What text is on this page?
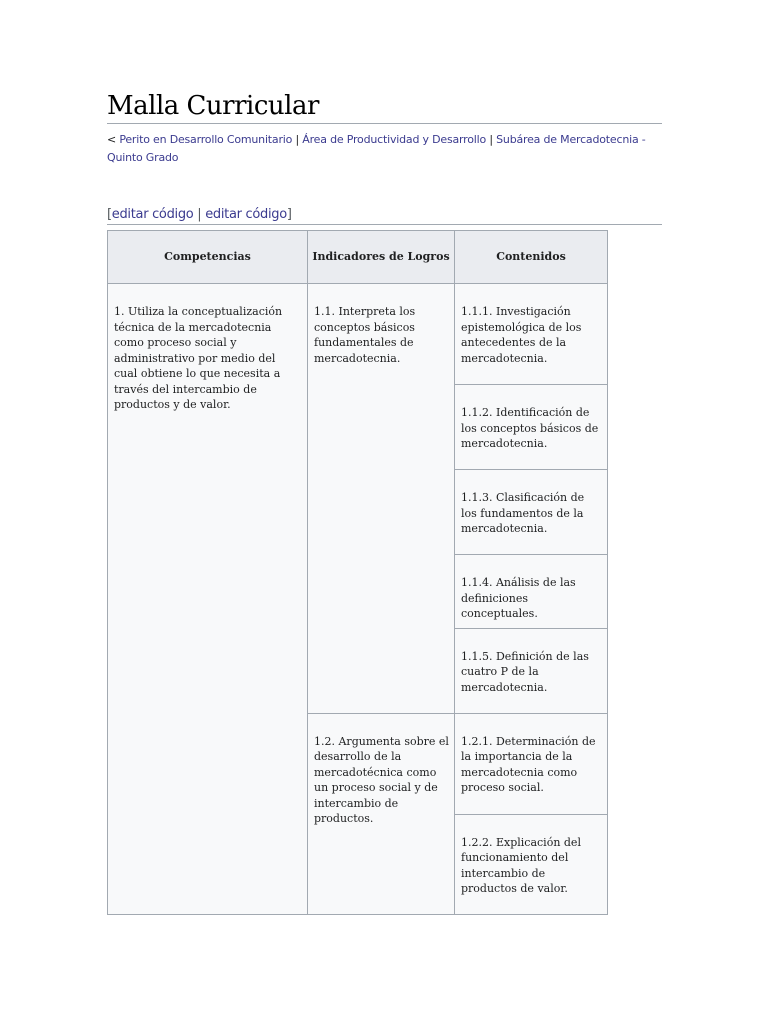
Malla Curricular
< Perito en Desarrollo Comunitario | Área de Productividad y Desarrollo | Subárea de Mercadotecnia - Quinto Grado
[editar código | editar código]
Competencias	Indicadores de Logros	Contenidos

1. Utiliza la conceptualización técnica de la mercadotecnia como proceso social y administrativo por medio del cual obtiene lo que necesita a través del intercambio de productos y de valor.	1.1. Interpreta los conceptos básicos fundamentales de mercadotecnia.	1.1.1. Investigación epistemológica de los antecedentes de la mercadotecnia.

		1.1.2. Identificación de los conceptos básicos de mercadotecnia.

		1.1.3. Clasificación de los fundamentos de la mercadotecnia.

		1.1.4. Análisis de las definiciones conceptuales.

		1.1.5. Definición de las cuatro P de la mercadotecnia.

	1.2. Argumenta sobre el desarrollo de la mercadotécnica como un proceso social y de intercambio de productos.	1.2.1. Determinación de la importancia de la mercadotecnia como proceso social.

		1.2.2. Explicación del funcionamiento del intercambio de productos de valor.
